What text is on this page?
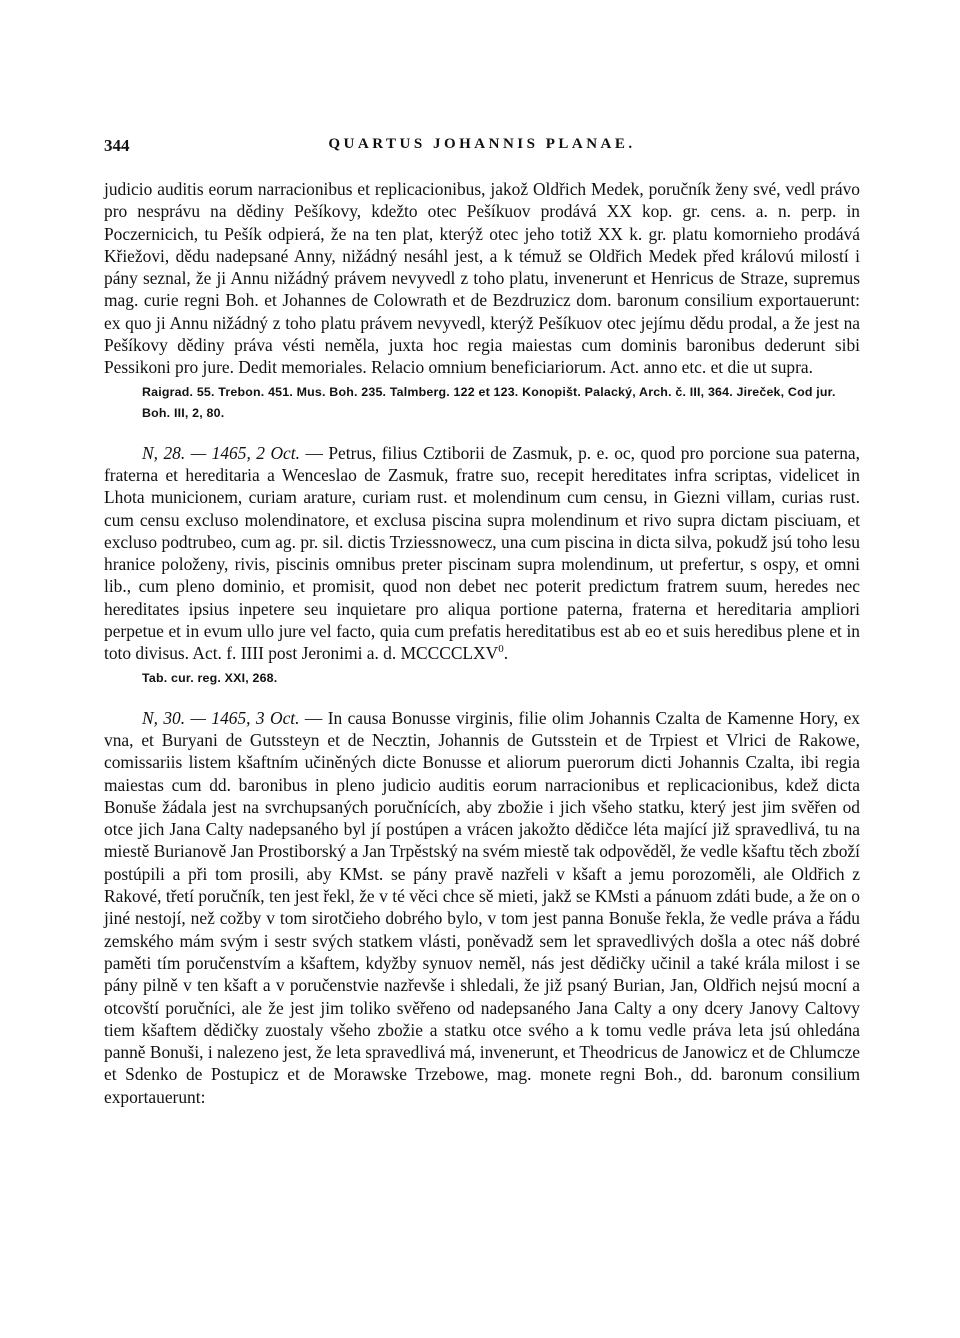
344	QUARTUS JOHANNIS PLANAE.

judicio auditis eorum narracionibus et replicacionibus, jakož Oldřich Medek, poručník ženy své, vedl právo pro nesprávu na dědiny Pešíkovy, kdežto otec Pešíkuov prodává XX kop. gr. cens. a. n. perp. in Poczernicich, tu Pešík odpierá, že na ten plat, kterýž otec jeho totiž XX k. gr. platu komornieho prodává Křiežovi, dědu nadepsané Anny, nižádný nesáhl jest, a k témuž se Oldřich Medek před královú milostí i pány seznal, že ji Annu nižádný právem nevyvedl z toho platu, invenerunt et Henricus de Straze, supremus mag. curie regni Boh. et Johannes de Colowrath et de Bezdruzicz dom. baronum consilium exportauerunt: ex quo ji Annu nižádný z toho platu právem nevyvedl, kterýž Pešíkuov otec jejímu dědu prodal, a že jest na Pešíkovy dědiny práva vésti neměla, juxta hoc regia maiestas cum dominis baronibus dederunt sibi Pessikoni pro jure. Dedit memoriales. Relacio omnium beneficiariorum. Act. anno etc. et die ut supra.

Raigrad. 55. Trebon. 451. Mus. Boh. 235. Talmberg. 122 et 123. Konopišt. Palacký, Arch. č. III, 364. Jireček, Cod jur. Boh. III, 2, 80.

N, 28. — 1465, 2 Oct. — Petrus, filius Cztiborii de Zasmuk, p. e. oc, quod pro porcione sua paterna, fraterna et hereditaria a Wenceslao de Zasmuk, fratre suo, recepit hereditates infra scriptas, videlicet in Lhota municionem, curiam arature, curiam rust. et molendinum cum censu, in Giezni villam, curias rust. cum censu excluso molendinatore, et exclusa piscina supra molendinum et rivo supra dictam pisciuam, et excluso podtrubeo, cum ag. pr. sil. dictis Trziessnowecz, una cum piscina in dicta silva, pokudž jsú toho lesu hranice položeny, rivis, piscinis omnibus preter piscinam supra molendinum, ut prefertur, s ospy, et omni lib., cum pleno dominio, et promisit, quod non debet nec poterit predictum fratrem suum, heredes nec hereditates ipsius inpetere seu inquietare pro aliqua portione paterna, fraterna et hereditaria ampliori perpetue et in evum ullo jure vel facto, quia cum prefatis hereditatibus est ab eo et suis heredibus plene et in toto divisus. Act. f. IIII post Jeronimi a. d. MCCCCLXV$^0$.

Tab. cur. reg. XXI, 268.

N, 30. — 1465, 3 Oct. — In causa Bonusse virginis, filie olim Johannis Czalta de Kamenne Hory, ex vna, et Buryani de Gutssteyn et de Necztin, Johannis de Gutsstein et de Trpiest et Vlrici de Rakowe, comissariis listem kšaftním učiněných dicte Bonusse et aliorum puerorum dicti Johannis Czalta, ibi regia maiestas cum dd. baronibus in pleno judicio auditis eorum narracionibus et replicacionibus, kdež dicta Bonuše žádala jest na svrchupsaných poručnících, aby zbožie i jich všeho statku, který jest jim svěřen od otce jich Jana Calty nadepsaného byl jí postúpen a vrácen jakožto dědičce léta mající již spravedlivá, tu na miestě Burianově Jan Prostiborský a Jan Trpěstský na svém miestě tak odpověděl, že vedle kšaftu těch zboží postúpili a při tom prosili, aby KMst. se pány pravě nazřeli v kšaft a jemu porozoměli, ale Oldřich z Rakové, třetí poručník, ten jest řekl, že v té věci chce sě mieti, jakž se KMsti a pánuom zdáti bude, a že on o jiné nestojí, než cožby v tom sirotčieho dobrého bylo, v tom jest panna Bonuše řekla, že vedle práva a řádu zemského mám svým i sestr svých statkem vlásti, poněvadž sem let spravedlivých došla a otec náš dobré paměti tím poručenstvím a kšaftem, kdyžby synuov neměl, nás jest dědičky učinil a také krála milost i se pány pilně v ten kšaft a v poručenstvie nazřevše i shledali, že již psaný Burian, Jan, Oldřich nejsú mocní a otcovští poručníci, ale že jest jim toliko svěřeno od nadepsaného Jana Calty a ony dcery Janovy Caltovy tiem kšaftem dědičky zuostaly všeho zbožie a statku otce svého a k tomu vedle práva leta jsú ohledána panně Bonuši, i nalezeno jest, že leta spravedlivá má, invenerunt, et Theodricus de Janowicz et de Chlumcze et Sdenko de Postupicz et de Morawske Trzebowe, mag. monete regni Boh., dd. baronum consilium exportauerunt:
